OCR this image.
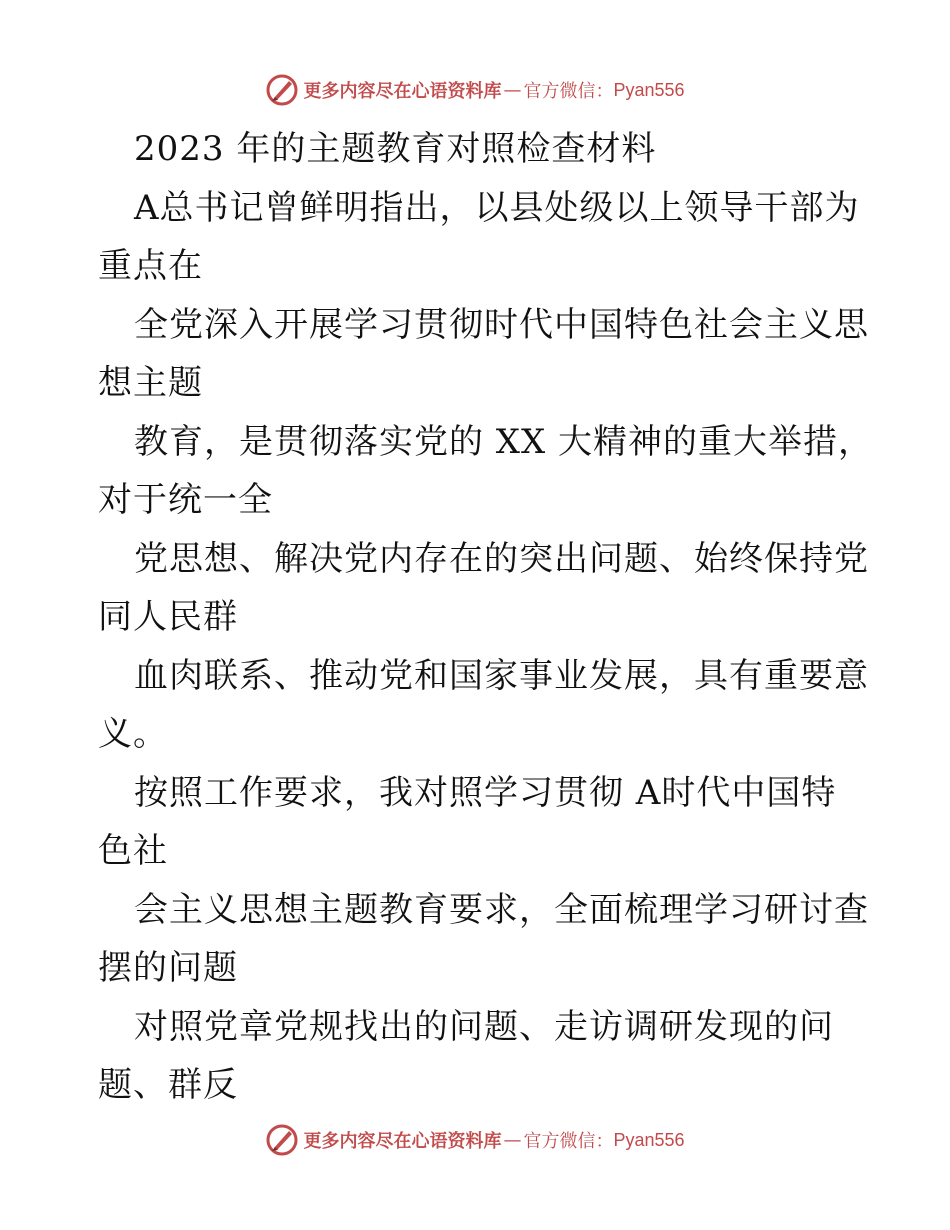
更多内容尽在心语资料库 — 官方微信： Pyan556
2023 年的主题教育对照检查材料
A总书记曾鲜明指出，以县处级以上领导干部为
重点在
全党深入开展学习贯彻时代中国特色社会主义思
想主题
教育，是贯彻落实党的 XX 大精神的重大举措，
对于统一全
党思想、解决党内存在的突出问题、始终保持党
同人民群
血肉联系、推动党和国家事业发展，具有重要意
义。
按照工作要求，我对照学习贯彻 A时代中国特
色社
会主义思想主题教育要求，全面梳理学习研讨查
摆的问题
对照党章党规找出的问题、走访调研发现的问
题、群反
更多内容尽在心语资料库 — 官方微信： Pyan556
